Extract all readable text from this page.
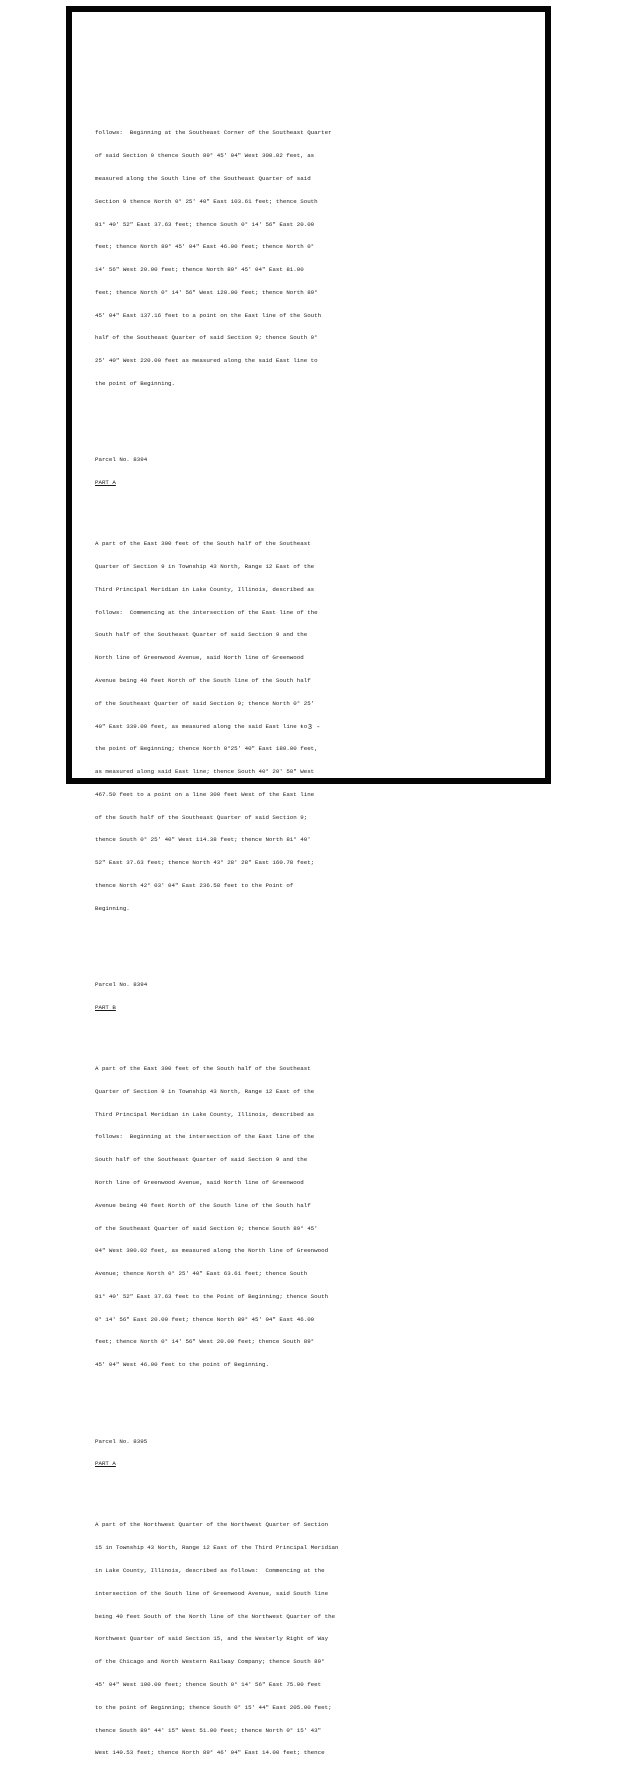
follows:  Beginning at the Southeast Corner of the Southeast Quarter

of said Section 9 thence South 89° 45' 04" West 300.02 feet, as

measured along the South line of the Southeast Quarter of said

Section 9 thence North 0° 25' 40" East 103.61 feet; thence South

81° 40' 52" East 37.63 feet; thence South 0° 14' 56" East 20.00

feet; thence North 89° 45' 04" East 46.00 feet; thence North 0°

14' 56" West 20.00 feet; thence North 89° 45' 04" East 81.00

feet; thence North 0° 14' 56" West 120.00 feet; thence North 89°

45' 04" East 137.16 feet to a point on the East line of the South

half of the Southeast Quarter of said Section 9; thence South 0°

25' 40" West 220.00 feet as measured along the said East line to

the point of Beginning.

Parcel No. 8394

PART A

A part of the East 300 feet of the South half of the Southeast

Quarter of Section 9 in Township 43 North, Range 12 East of the

Third Principal Meridian in Lake County, Illinois, described as

follows:  Commencing at the intersection of the East line of the

South half of the Southeast Quarter of said Section 9 and the

North line of Greenwood Avenue, said North line of Greenwood

Avenue being 40 feet North of the South line of the South half

of the Southeast Quarter of said Section 9; thence North 0° 25'

40" East 339.00 feet, as measured along the said East line to

the point of Beginning; thence North 0°25' 40" East 180.00 feet,

as measured along said East line; thence South 40° 20' 50" West

467.50 feet to a point on a line 300 feet West of the East line

of the South half of the Southeast Quarter of said Section 9;

thence South 0° 25' 40" West 114.38 feet; thence North 81° 40'

52" East 37.63 feet; thence North 43° 28' 28" East 160.78 feet;

thence North 42° 03' 04" East 236.58 feet to the Point of

Beginning.

Parcel No. 8394

PART B

A part of the East 300 feet of the South half of the Southeast

Quarter of Section 9 in Township 43 North, Range 12 East of the

Third Principal Meridian in Lake County, Illinois, described as

follows:  Beginning at the intersection of the East line of the

South half of the Southeast Quarter of said Section 9 and the

North line of Greenwood Avenue, said North line of Greenwood

Avenue being 40 feet North of the South line of the South half

of the Southeast Quarter of said Section 9; thence South 89° 45'

04" West 300.02 feet, as measured along the North line of Greenwood

Avenue; thence North 0° 25' 40" East 63.61 feet; thence South

81° 40' 52" East 37.63 feet to the Point of Beginning; thence South

0° 14' 56" East 20.00 feet; thence North 89° 45' 04" East 46.00

feet; thence North 0° 14' 56" West 20.00 feet; thence South 89°

45' 04" West 46.00 feet to the point of Beginning.

Parcel No. 8395

PART A

A part of the Northwest Quarter of the Northwest Quarter of Section

15 in Township 43 North, Range 12 East of the Third Principal Meridian

in Lake County, Illinois, described as follows:  Commencing at the

intersection of the South line of Greenwood Avenue, said South line

being 40 feet South of the North line of the Northwest Quarter of the

Northwest Quarter of said Section 15, and the Westerly Right of Way

of the Chicago and North Western Railway Company; thence South 89°

45' 04" West 100.00 feet; thence South 0° 14' 56" East 75.00 feet

to the point of Beginning; thence South 0° 15' 44" East 205.00 feet;

thence South 89° 44' 15" West 51.00 feet; thence North 0° 15' 43"

West 140.53 feet; thence North 89° 46' 04" East 14.00 feet; thence

- 3 -
